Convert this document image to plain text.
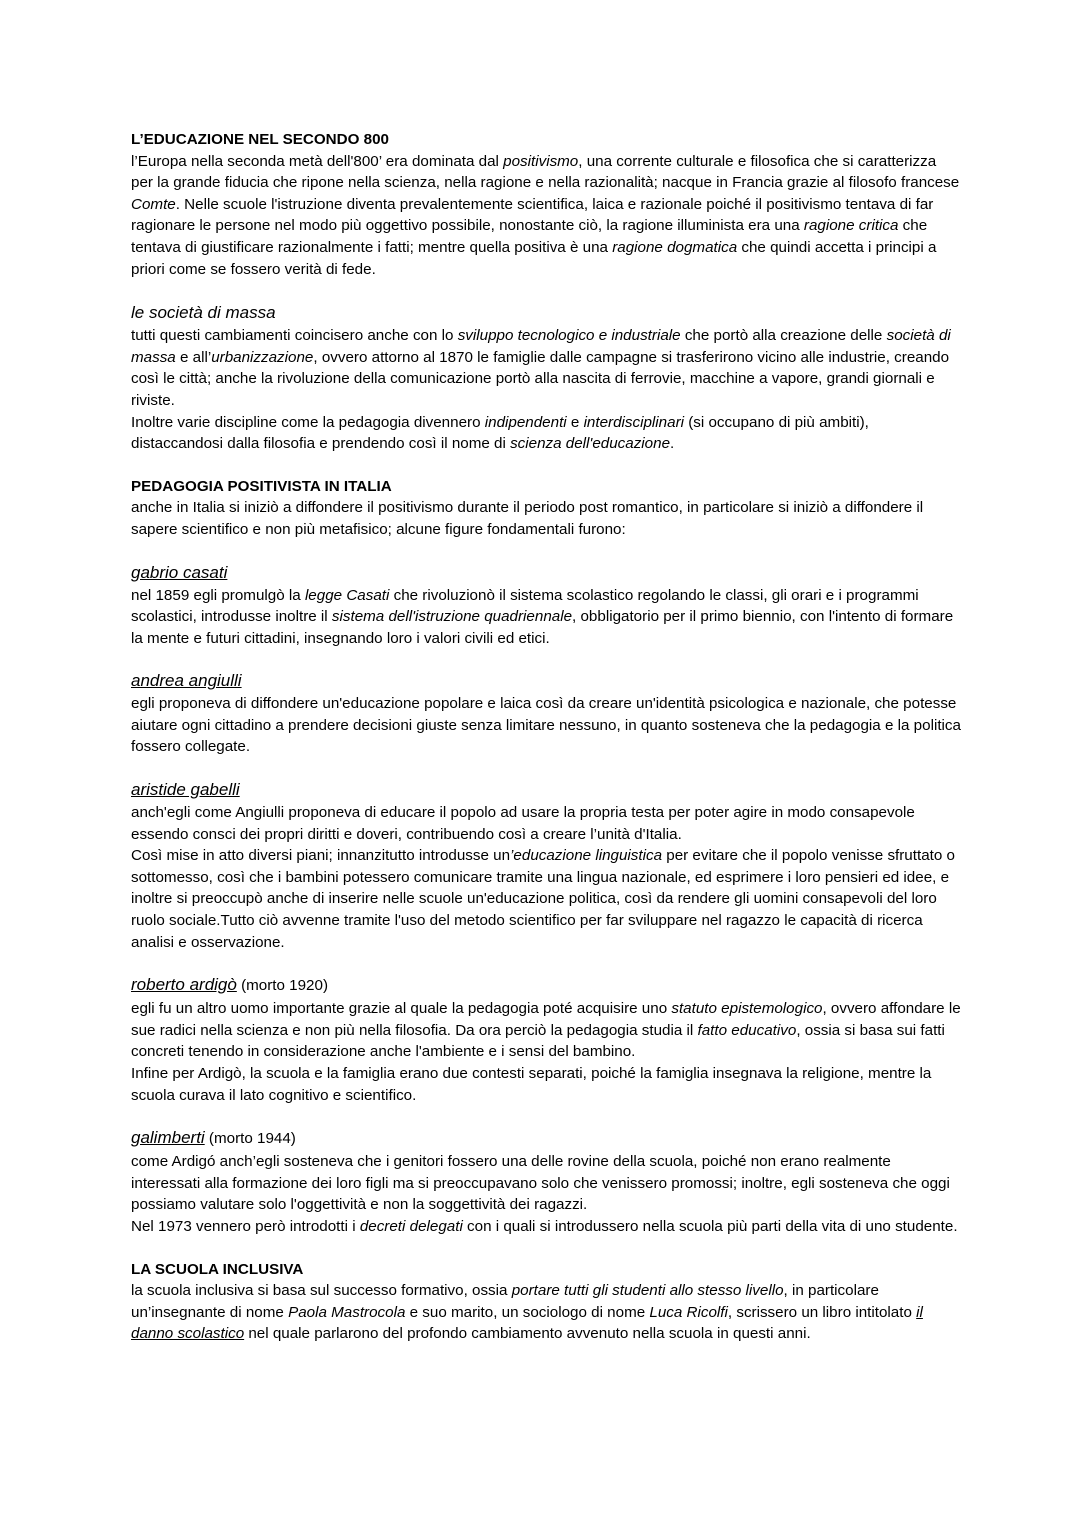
L’EDUCAZIONE NEL SECONDO 800

l’Europa nella seconda metà dell'800’ era dominata dal positivismo, una corrente culturale e filosofica che si caratterizza per la grande fiducia che ripone nella scienza, nella ragione e nella razionalità; nacque in Francia grazie al filosofo francese Comte. Nelle scuole l'istruzione diventa prevalentemente scientifica, laica e razionale poiché il positivismo tentava di far ragionare le persone nel modo più oggettivo possibile, nonostante ciò, la ragione illuminista era una ragione critica che tentava di giustificare razionalmente i fatti; mentre quella positiva è una ragione dogmatica che quindi accetta i principi a priori come se fossero verità di fede.

le società di massa

tutti questi cambiamenti coincisero anche con lo sviluppo tecnologico e industriale che portò alla creazione delle società di massa e all’urbanizzazione, ovvero attorno al 1870 le famiglie dalle campagne si trasferirono vicino alle industrie, creando così le città; anche la rivoluzione della comunicazione portò alla nascita di ferrovie, macchine a vapore, grandi giornali e riviste.

Inoltre varie discipline come la pedagogia divennero indipendenti e interdisciplinari (si occupano di più ambiti), distaccandosi dalla filosofia e prendendo così il nome di scienza dell'educazione.

PEDAGOGIA POSITIVISTA IN ITALIA

anche in Italia si iniziò a diffondere il positivismo durante il periodo post romantico, in particolare si iniziò a diffondere il sapere scientifico e non più metafisico; alcune figure fondamentali furono:

gabrio casati

nel 1859 egli promulgò la legge Casati che rivoluzionò il sistema scolastico regolando le classi, gli orari e i programmi scolastici, introdusse inoltre il sistema dell'istruzione quadriennale, obbligatorio per il primo biennio, con l'intento di formare la mente e futuri cittadini, insegnando loro i valori civili ed etici.

andrea angiulli

egli proponeva di diffondere un'educazione popolare e laica così da creare un'identità psicologica e nazionale, che potesse aiutare ogni cittadino a prendere decisioni giuste senza limitare nessuno, in quanto sosteneva che la pedagogia e la politica fossero collegate.

aristide gabelli

anch'egli come Angiulli proponeva di educare il popolo ad usare la propria testa per poter agire in modo consapevole essendo consci dei propri diritti e doveri, contribuendo così a creare l’unità d'Italia.

Così mise in atto diversi piani; innanzitutto introdusse un’educazione linguistica per evitare che il popolo venisse sfruttato o sottomesso, così che i bambini potessero comunicare tramite una lingua nazionale, ed esprimere i loro pensieri ed idee, e inoltre si preoccupò anche di inserire nelle scuole un'educazione politica, così da rendere gli uomini consapevoli del loro ruolo sociale.Tutto ciò avvenne tramite l'uso del metodo scientifico per far sviluppare nel ragazzo le capacità di ricerca analisi e osservazione.

roberto ardigò (morto 1920)

egli fu un altro uomo importante grazie al quale la pedagogia poté acquisire uno statuto epistemologico, ovvero affondare le sue radici nella scienza e non più nella filosofia. Da ora perciò la pedagogia studia il fatto educativo, ossia si basa sui fatti concreti tenendo in considerazione anche l'ambiente e i sensi del bambino.

Infine per Ardigò, la scuola e la famiglia erano due contesti separati, poiché la famiglia insegnava la religione, mentre la scuola curava il lato cognitivo e scientifico.

galimberti (morto 1944)

come Ardigó anch’egli sosteneva che i genitori fossero una delle rovine della scuola, poiché non erano realmente interessati alla formazione dei loro figli ma si preoccupavano solo che venissero promossi; inoltre, egli sosteneva che oggi possiamo valutare solo l'oggettività e non la soggettività dei ragazzi.

Nel 1973 vennero però introdotti i decreti delegati con i quali si introdussero nella scuola più parti della vita di uno studente.

LA SCUOLA INCLUSIVA

la scuola inclusiva si basa sul successo formativo, ossia portare tutti gli studenti allo stesso livello, in particolare un’insegnante di nome Paola Mastrocola e suo marito, un sociologo di nome Luca Ricolfi, scrissero un libro intitolato il danno scolastico nel quale parlarono del profondo cambiamento avvenuto nella scuola in questi anni.
